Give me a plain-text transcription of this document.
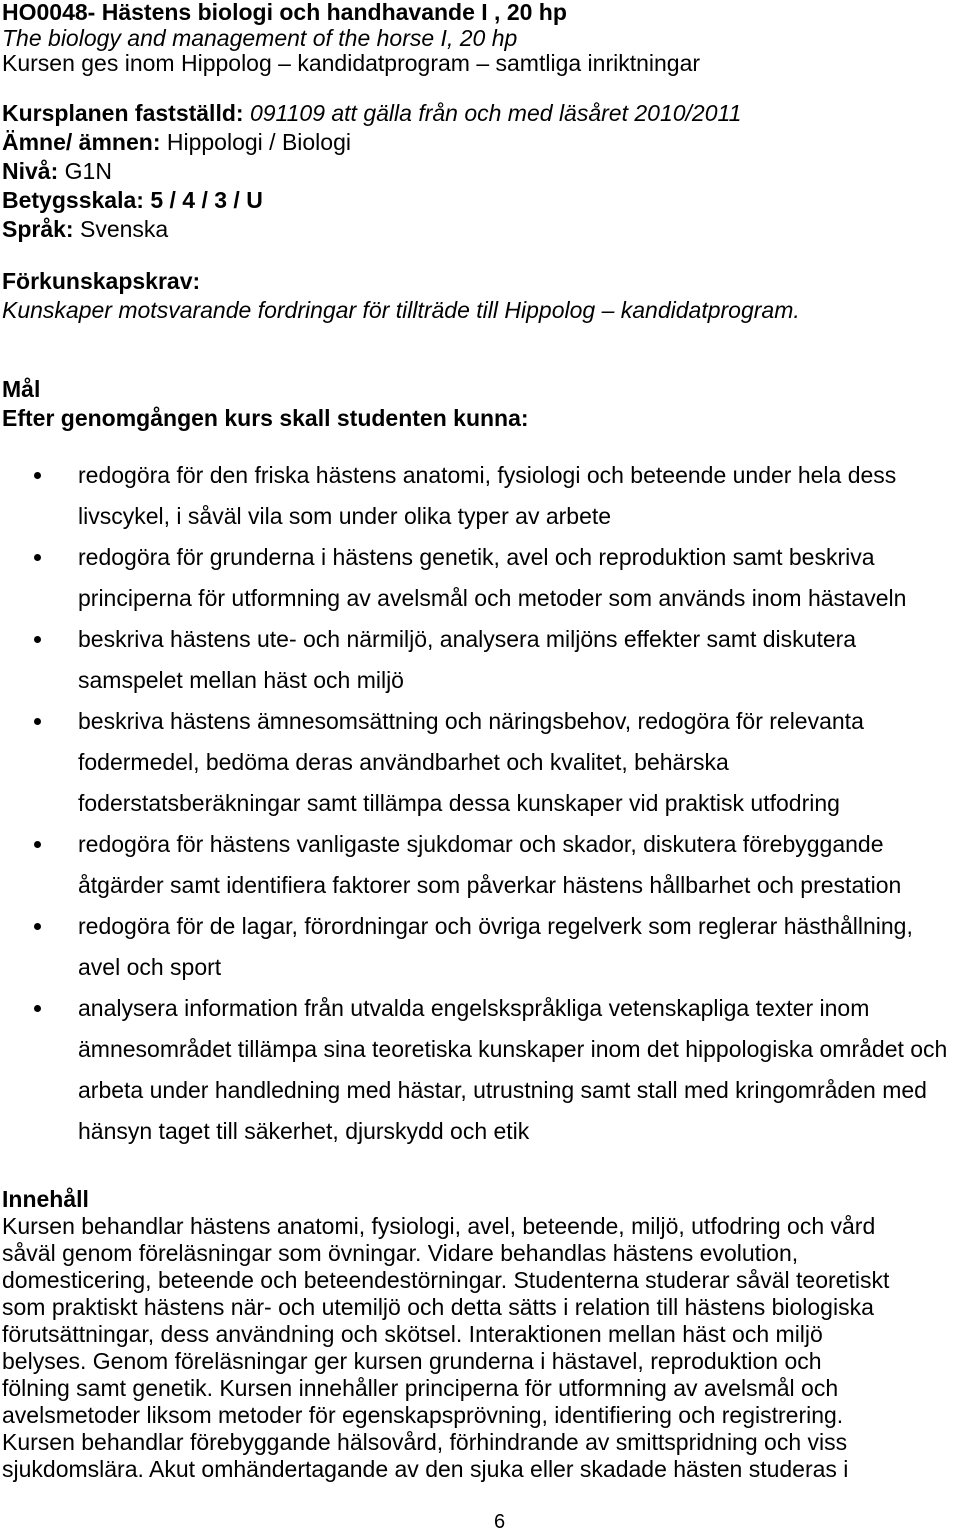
HO0048- Hästens biologi och handhavande I , 20 hp
The biology and management of the horse I, 20 hp
Kursen ges inom Hippolog – kandidatprogram – samtliga inriktningar
Kursplanen fastställd: 091109 att gälla från och med läsåret 2010/2011
Ämne/ ämnen: Hippologi / Biologi
Nivå: G1N
Betygsskala: 5 / 4 / 3 / U
Språk: Svenska
Förkunskapskrav:
Kunskaper motsvarande fordringar för tillträde till Hippolog – kandidatprogram.
Mål
Efter genomgången kurs skall studenten kunna:
redogöra för den friska hästens anatomi, fysiologi och beteende under hela dess
livscykel, i såväl vila som under olika typer av arbete
redogöra för grunderna i hästens genetik, avel och reproduktion samt beskriva
principerna för utformning av avelsmål och metoder som används inom hästaveln
beskriva hästens ute- och närmiljö, analysera miljöns effekter samt diskutera
samspelet mellan häst och miljö
beskriva hästens ämnesomsättning och näringsbehov, redogöra för relevanta
fodermedel, bedöma deras användbarhet och kvalitet, behärska
foderstatsberäkningar samt tillämpa dessa kunskaper vid praktisk utfodring
redogöra för hästens vanligaste sjukdomar och skador, diskutera förebyggande
åtgärder samt identifiera faktorer som påverkar hästens hållbarhet och prestation
redogöra för de lagar, förordningar och övriga regelverk som reglerar hästhållning,
avel och sport
analysera information från utvalda engelskspråkliga vetenskapliga texter inom
ämnesområdet tillämpa sina teoretiska kunskaper inom det hippologiska området och
arbeta under handledning med hästar, utrustning samt stall med kringområden med
hänsyn taget till säkerhet, djurskydd och etik
Innehåll
Kursen behandlar hästens anatomi, fysiologi, avel, beteende, miljö, utfodring och vård
såväl genom föreläsningar som övningar. Vidare behandlas hästens evolution,
domesticering, beteende och beteendestörningar. Studenterna studerar såväl teoretiskt
som praktiskt hästens när- och utemiljö och detta sätts i relation till hästens biologiska
förutsättningar, dess användning och skötsel. Interaktionen mellan häst och miljö
belyses. Genom föreläsningar ger kursen grunderna i hästavel, reproduktion och
fölning samt genetik. Kursen innehåller principerna för utformning av avelsmål och
avelsmetoder liksom metoder för egenskapsprövning, identifiering och registrering.
Kursen behandlar förebyggande hälsovård, förhindrande av smittspridning och viss
sjukdomslära. Akut omhändertagande av den sjuka eller skadade hästen studeras i
6
